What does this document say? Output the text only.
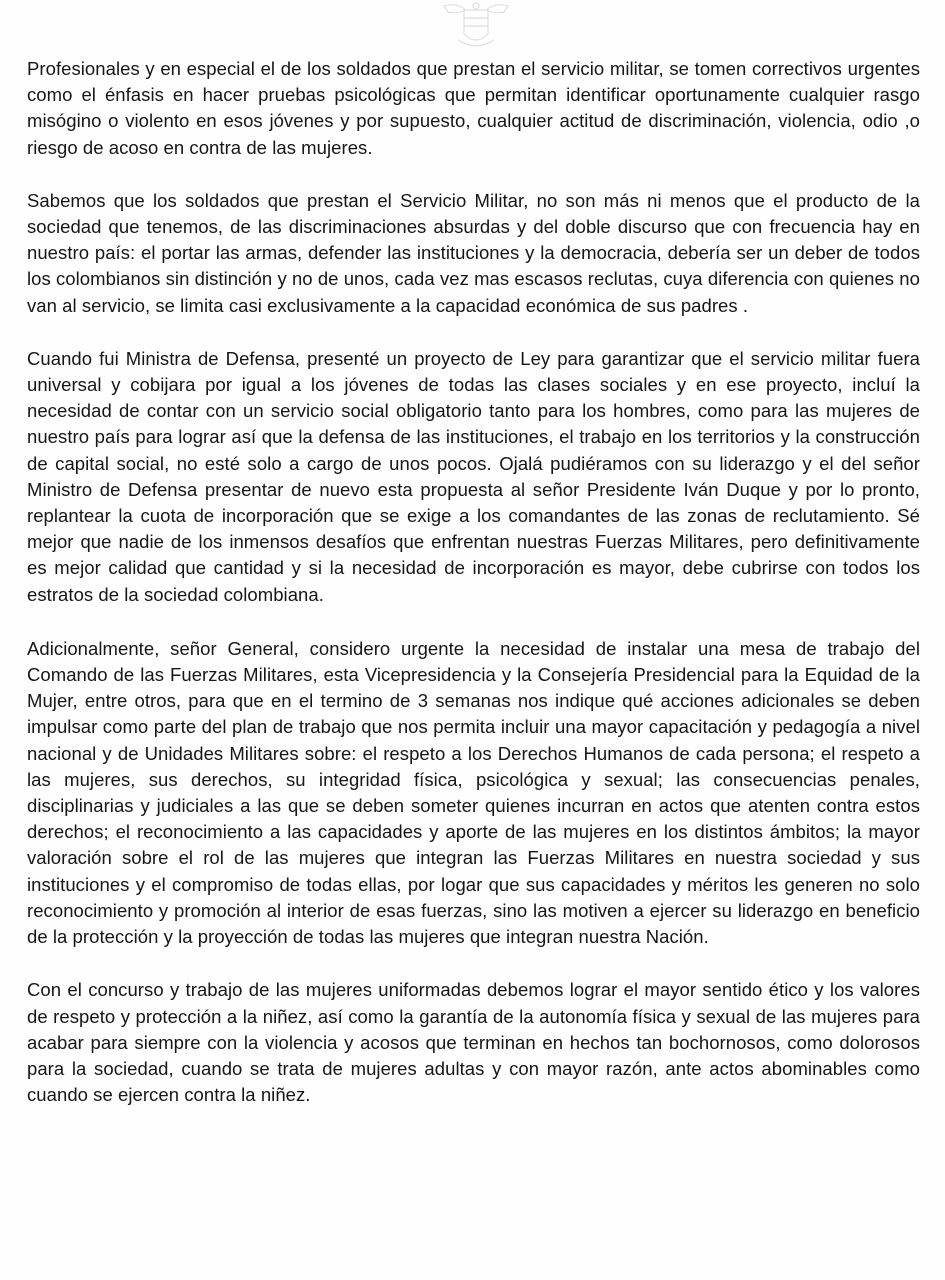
Profesionales y en especial el de los soldados que prestan el servicio militar, se tomen correctivos urgentes como el énfasis en hacer pruebas psicológicas que permitan identificar oportunamente cualquier rasgo misógino o violento en esos jóvenes y por supuesto, cualquier actitud de discriminación, violencia, odio ,o riesgo de acoso en contra de las mujeres.

Sabemos que los soldados que prestan el Servicio Militar, no son más ni menos que el producto de la sociedad que tenemos, de las discriminaciones absurdas y del doble discurso que con frecuencia hay en nuestro país: el portar las armas, defender las instituciones y la democracia, debería ser un deber de todos los colombianos sin distinción y no de unos, cada vez mas escasos reclutas, cuya diferencia con quienes no van al servicio, se limita casi exclusivamente a la capacidad económica de sus padres .

Cuando fui Ministra de Defensa, presenté un proyecto de Ley para garantizar que el servicio militar fuera universal y cobijara por igual a los jóvenes de todas las clases sociales y en ese proyecto, incluí la necesidad de contar con un servicio social obligatorio tanto para los hombres, como para las mujeres de nuestro país para lograr así que la defensa de las instituciones, el trabajo en los territorios y la construcción de capital social, no esté solo a cargo de unos pocos. Ojalá pudiéramos con su liderazgo y el del señor Ministro de Defensa presentar de nuevo esta propuesta al señor Presidente Iván Duque y por lo pronto, replantear la cuota de incorporación que se exige a los comandantes de las zonas de reclutamiento. Sé mejor que nadie de los inmensos desafíos que enfrentan nuestras Fuerzas Militares, pero definitivamente es mejor calidad que cantidad y si la necesidad de incorporación es mayor, debe cubrirse con todos los estratos de la sociedad colombiana.

Adicionalmente, señor General, considero urgente la necesidad de instalar una mesa de trabajo del Comando de las Fuerzas Militares, esta Vicepresidencia y la Consejería Presidencial para la Equidad de la Mujer, entre otros, para que en el termino de 3 semanas nos indique qué acciones adicionales se deben impulsar como parte del plan de trabajo que nos permita incluir una mayor capacitación y pedagogía a nivel nacional y de Unidades Militares sobre: el respeto a los Derechos Humanos de cada persona; el respeto a las mujeres, sus derechos, su integridad física, psicológica y sexual; las consecuencias penales, disciplinarias y judiciales a las que se deben someter quienes incurran en actos que atenten contra estos derechos; el reconocimiento a las capacidades y aporte de las mujeres en los distintos ámbitos; la mayor valoración sobre el rol de las mujeres que integran las Fuerzas Militares en nuestra sociedad y sus instituciones y el compromiso de todas ellas, por logar que sus capacidades y méritos les generen no solo reconocimiento y promoción al interior de esas fuerzas, sino las motiven a ejercer su liderazgo en beneficio de la protección y la proyección de todas las mujeres que integran nuestra Nación.

Con el concurso y trabajo de las mujeres uniformadas debemos lograr el mayor sentido ético y los valores de respeto y protección a la niñez, así como la garantía de la autonomía física y sexual de las mujeres para acabar para siempre con la violencia y acosos que terminan en hechos tan bochornosos, como dolorosos para la sociedad, cuando se trata de mujeres adultas y con mayor razón, ante actos abominables como cuando se ejercen contra la niñez.
